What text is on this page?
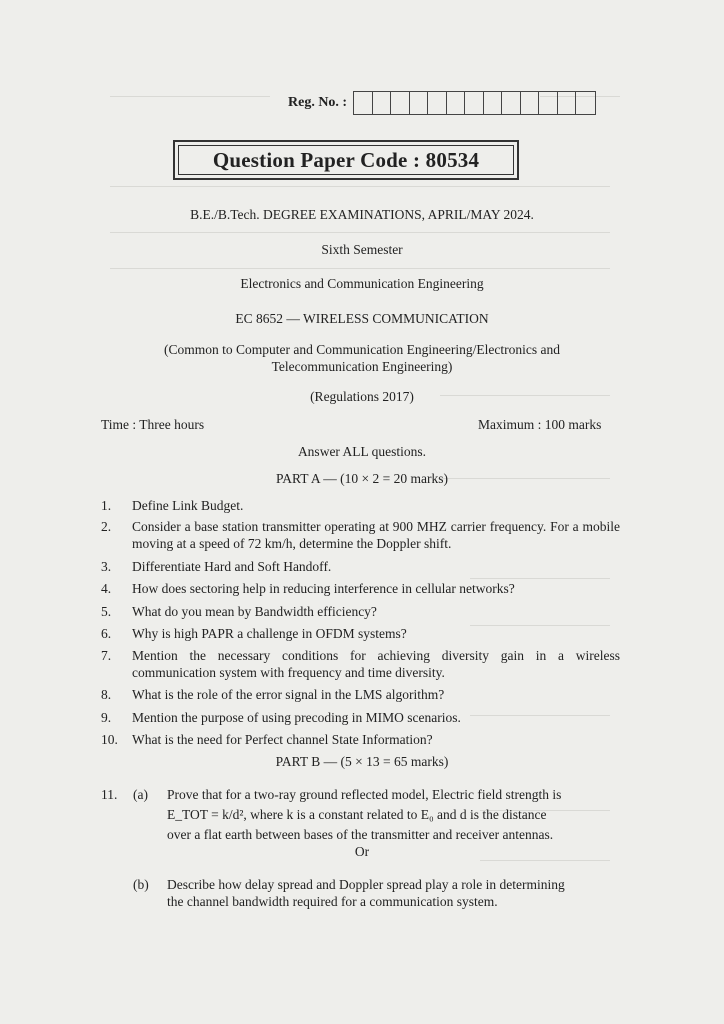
Reg. No. :
Question Paper Code : 80534
B.E./B.Tech. DEGREE EXAMINATIONS, APRIL/MAY 2024.
Sixth Semester
Electronics and Communication Engineering
EC 8652 — WIRELESS COMMUNICATION
(Common to Computer and Communication Engineering/Electronics and
Telecommunication Engineering)
(Regulations 2017)
Time : Three hours	Maximum : 100 marks
Answer ALL questions.
PART A — (10 × 2 = 20 marks)
1. Define Link Budget.
2. Consider a base station transmitter operating at 900 MHZ carrier frequency. For a mobile moving at a speed of 72 km/h, determine the Doppler shift.
3. Differentiate Hard and Soft Handoff.
4. How does sectoring help in reducing interference in cellular networks?
5. What do you mean by Bandwidth efficiency?
6. Why is high PAPR a challenge in OFDM systems?
7. Mention the necessary conditions for achieving diversity gain in a wireless communication system with frequency and time diversity.
8. What is the role of the error signal in the LMS algorithm?
9. Mention the purpose of using precoding in MIMO scenarios.
10. What is the need for Perfect channel State Information?
PART B — (5 × 13 = 65 marks)
11. (a) Prove that for a two-ray ground reflected model, Electric field strength is
E_TOT = k/d², where k is a constant related to E₀ and d is the distance
over a flat earth between bases of the transmitter and receiver antennas.
Or
(b) Describe how delay spread and Doppler spread play a role in determining
the channel bandwidth required for a communication system.
